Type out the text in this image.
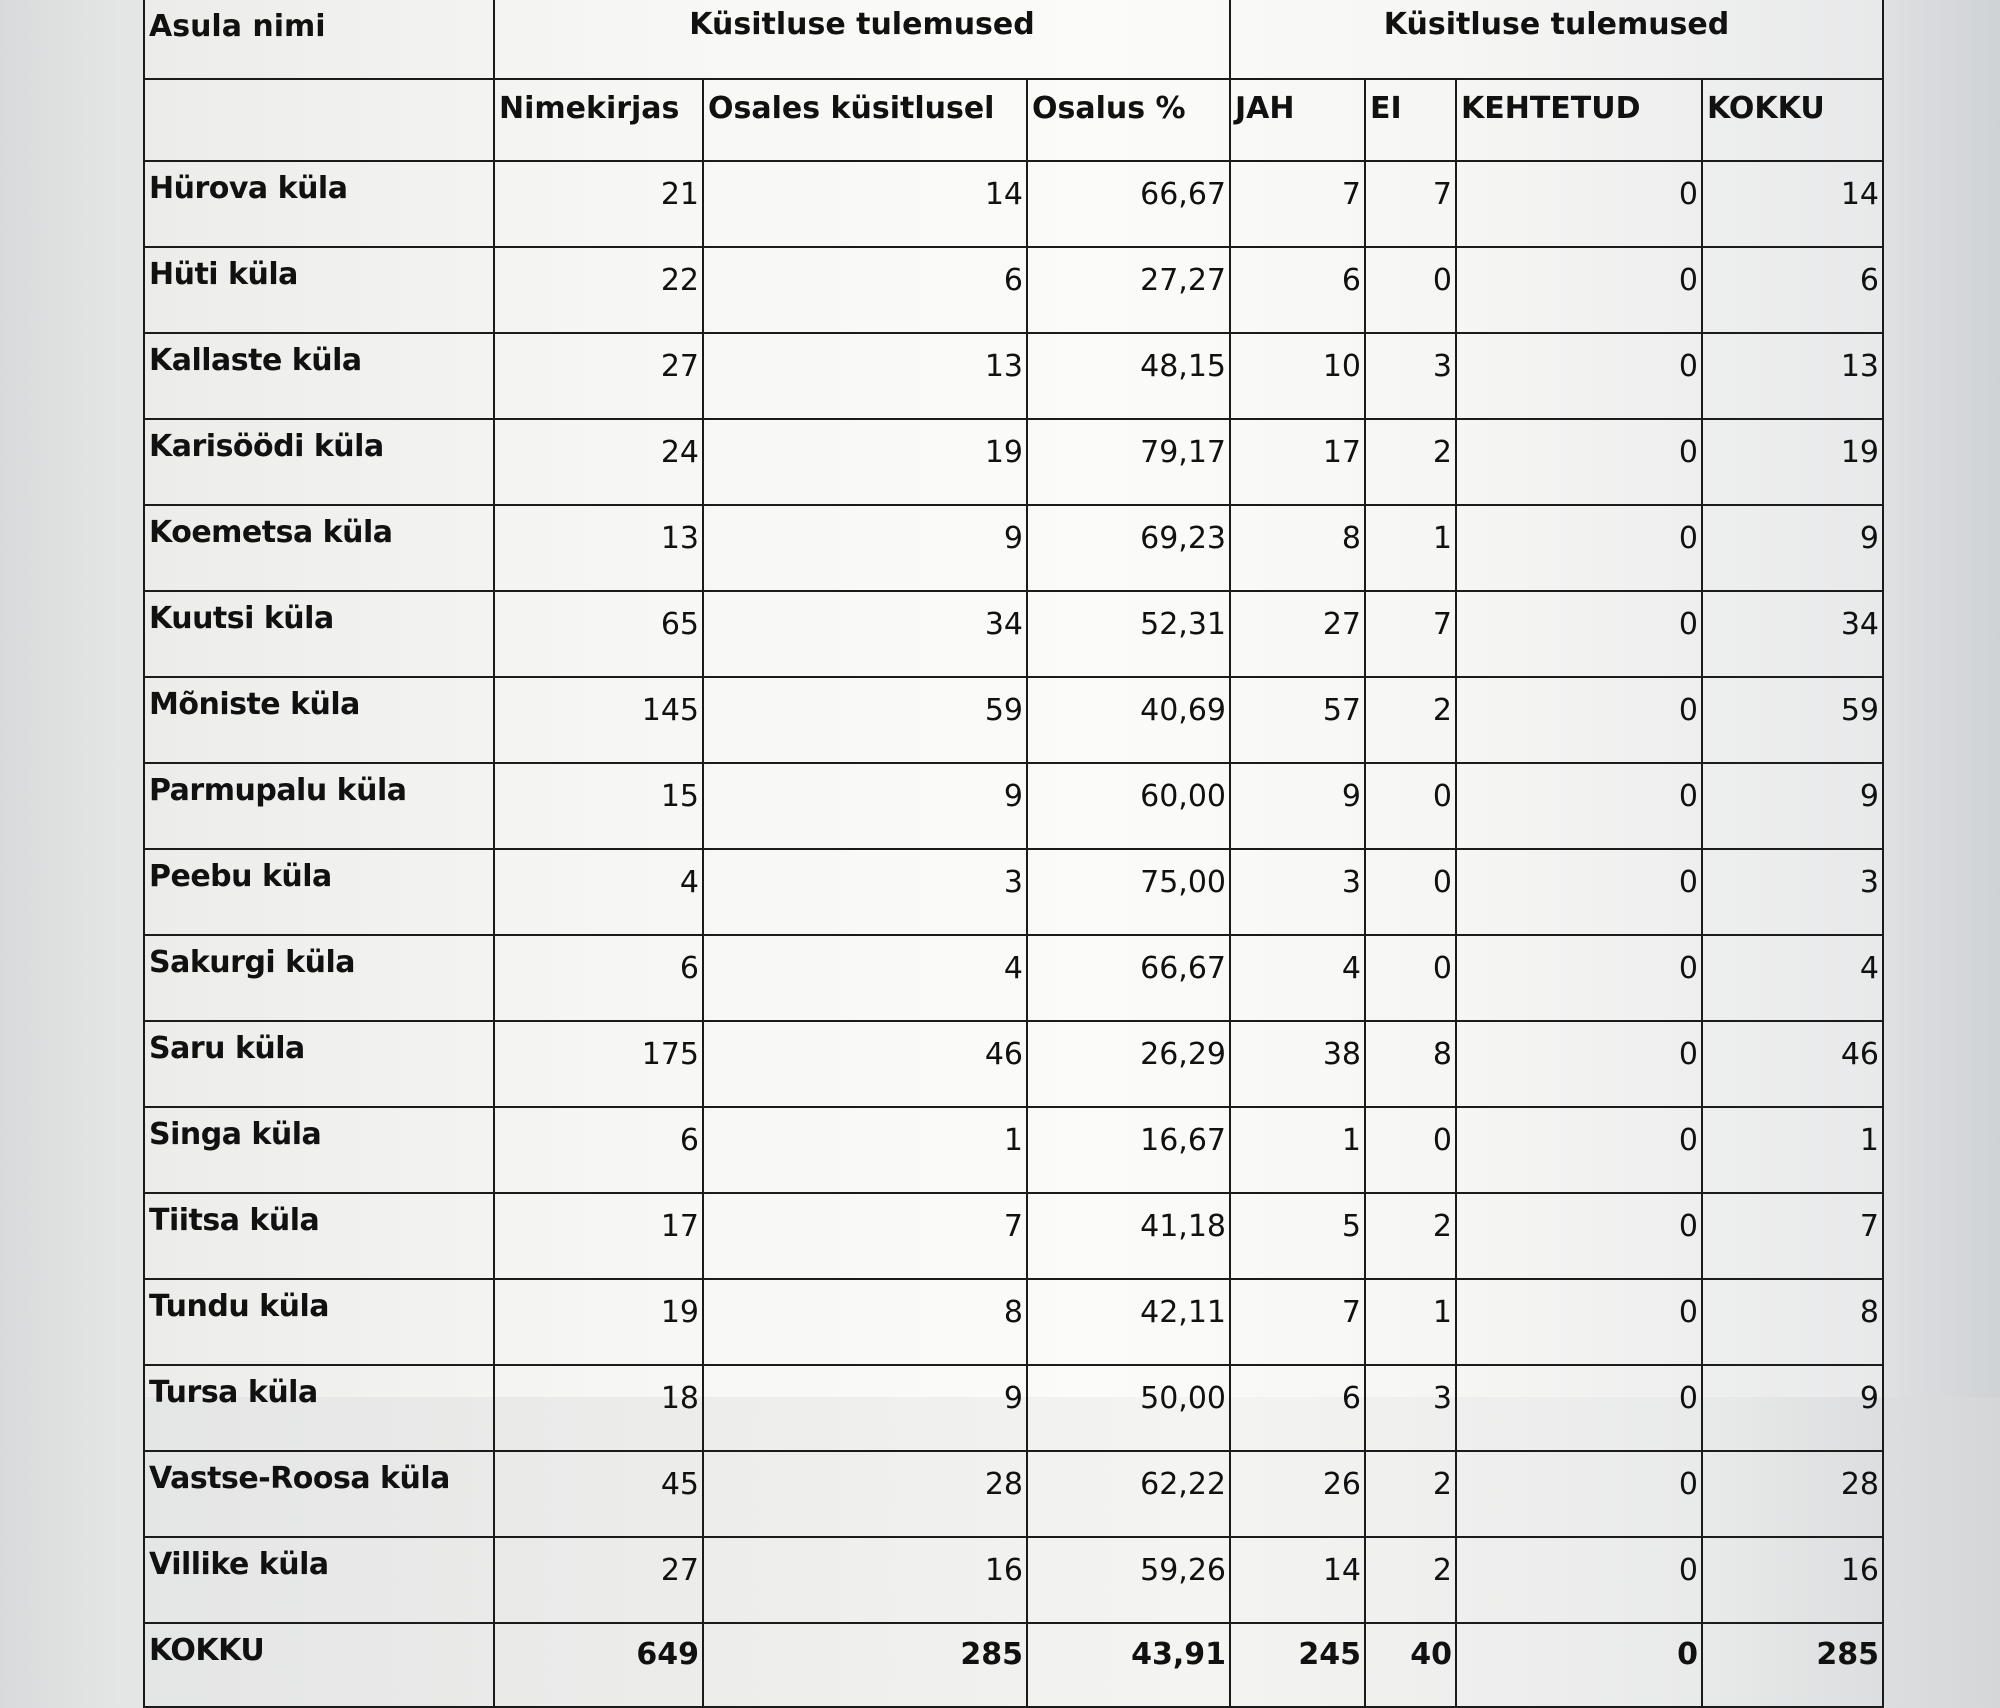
Asula nimi	Küsitluse tulemused			Küsitluse tulemused			
	Nimekirjas	Osales küsitlusel	Osalus %	JAH	EI	KEHTETUD	KOKKU
Hürova küla	21	14	66,67	7	7	0	14
Hüti küla	22	6	27,27	6	0	0	6
Kallaste küla	27	13	48,15	10	3	0	13
Karisöödi küla	24	19	79,17	17	2	0	19
Koemetsa küla	13	9	69,23	8	1	0	9
Kuutsi küla	65	34	52,31	27	7	0	34
Mõniste küla	145	59	40,69	57	2	0	59
Parmupalu küla	15	9	60,00	9	0	0	9
Peebu küla	4	3	75,00	3	0	0	3
Sakurgi küla	6	4	66,67	4	0	0	4
Saru küla	175	46	26,29	38	8	0	46
Singa küla	6	1	16,67	1	0	0	1
Tiitsa küla	17	7	41,18	5	2	0	7
Tundu küla	19	8	42,11	7	1	0	8
Tursa küla	18	9	50,00	6	3	0	9
Vastse-Roosa küla	45	28	62,22	26	2	0	28
Villike küla	27	16	59,26	14	2	0	16
KOKKU	649	285	43,91	245	40	0	285
